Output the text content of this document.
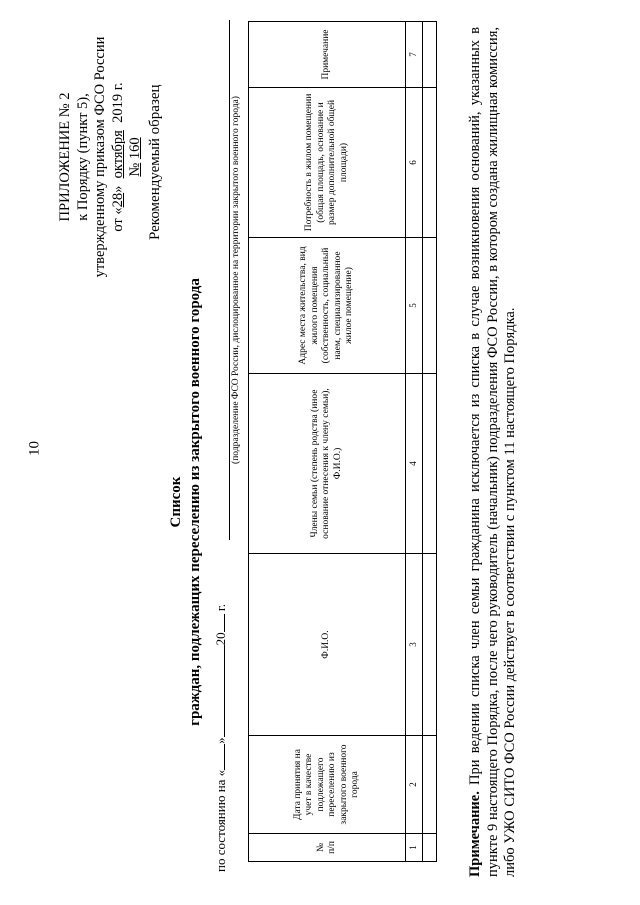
10
ПРИЛОЖЕНИЕ № 2 к Порядку (пункт 5), утвержденному приказом ФСО России от «28»  октября  2019 г.
№ 160 Рекомендуемый образец
Список граждан, подлежащих переселению из закрытого военного города
по состоянию на «»20 г.
(подразделение ФСО России, дислоцированное на территории закрытого военного города)
№ п/п	Дата принятия на учет в качестве подлежащего переселению из закрытого военного города	Ф.И.О.	Члены семьи (степень родства (иное основание отнесения к члену семьи), Ф.И.О.)	Адрес места жительства, вид жилого помещения (собственность, социальный наем, специализированное жилое помещение)	Потребность в жилом помещении (общая площадь, основание и размер дополнительной общей площади)	Примечание
1	2	3	4	5	6	7

Примечание. При ведении списка член семьи гражданина исключается из списка в случае возникновения оснований, указанных в пункте 9 настоящего Порядка, после чего руководитель (начальник) подразделения ФСО России, в котором создана жилищная комиссия, либо УЖО СИТО ФСО России действует в соответствии с пунктом 11 настоящего Порядка.
